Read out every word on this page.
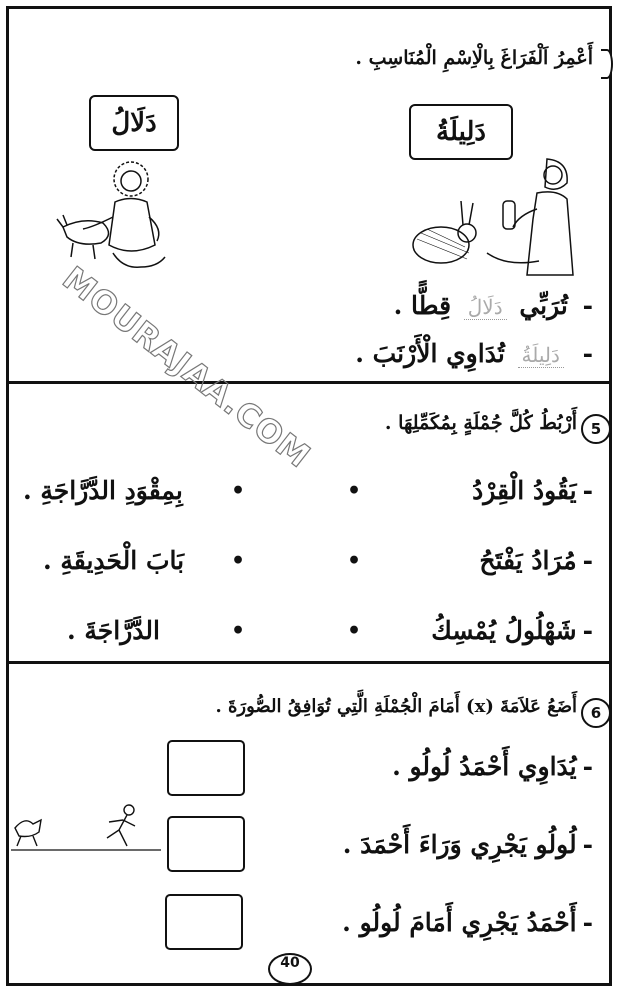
أَعْمِرُ اَلْفَرَاغَ بِالْاِسْمِ الْمُنَاسِبِ .
دَلِيلَةُ
دَلَالُ
- تُرَبِّي دَلَالُ قِطًّا .
- دَلِيلَةُ تُدَاوِي الْأَرْنَبَ .
5
أَرْبُطُ كُلَّ جُمْلَةٍ بِمُكَمِّلِهَا .
-يَقُودُ الْقِرْدُ
•
•
بِمِقْوَدِ الدَّرَّاجَةِ .
-مُرَادُ يَفْتَحُ
•
•
بَابَ الْحَدِيقَةِ .
-شَهْلُولُ يُمْسِكُ
•
•
الدَّرَّاجَةَ .
6
أَضَعُ عَلاَمَةَ (x) أَمَامَ الْجُمْلَةِ الَّتِي تُوَافِقُ الصُّورَةَ .
-يُدَاوِي أَحْمَدُ لُولُو .
-لُولُو يَجْرِي وَرَاءَ أَحْمَدَ .
-أَحْمَدُ يَجْرِي أَمَامَ لُولُو .
MOURAJAA.COM
40
